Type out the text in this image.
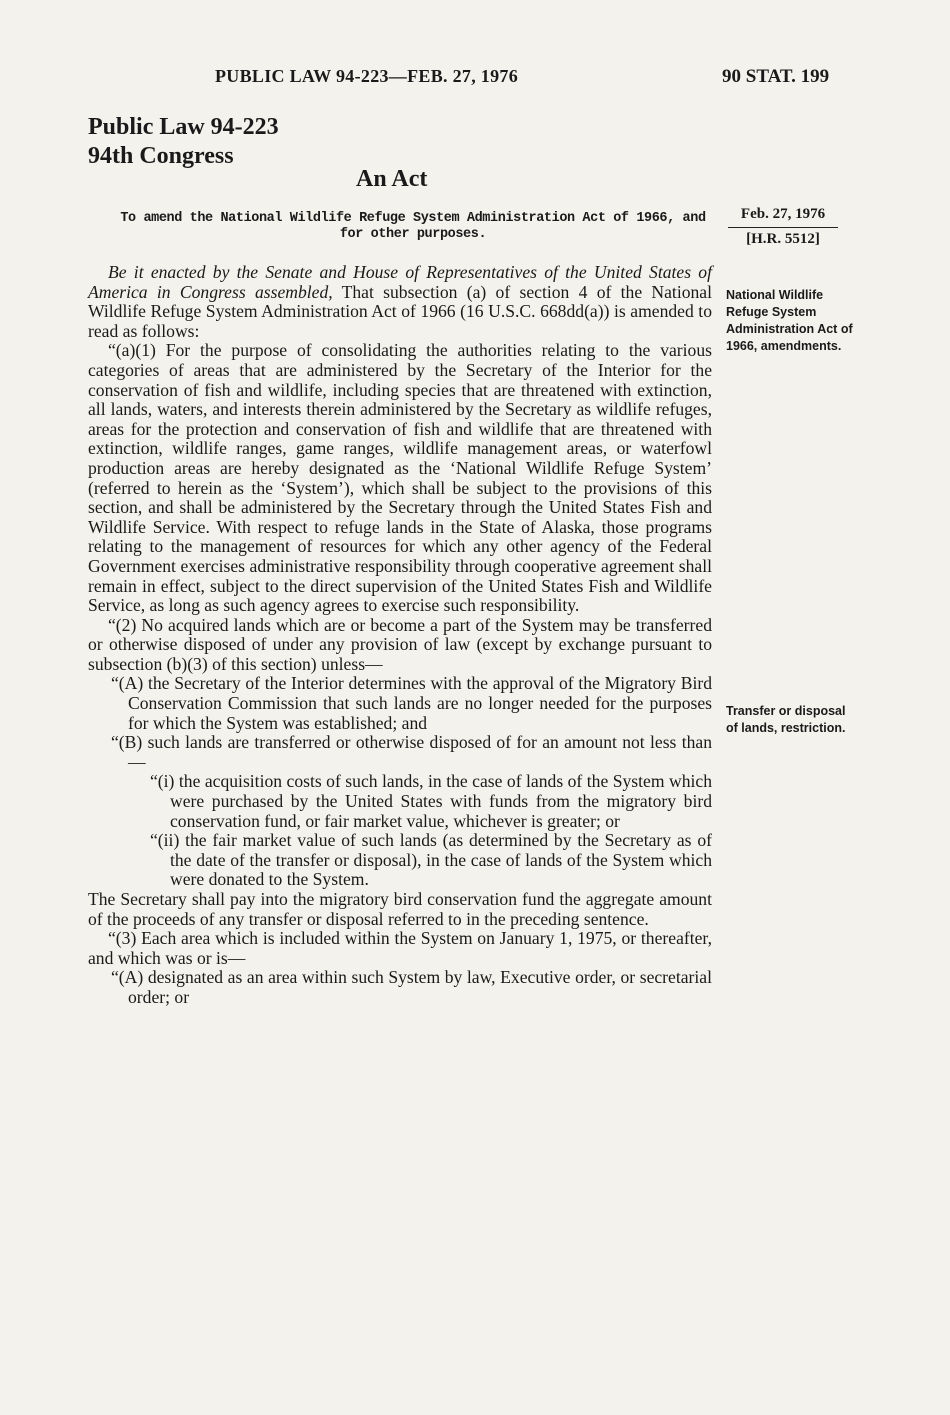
PUBLIC LAW 94-223—FEB. 27, 1976	90 STAT. 199
Public Law 94-223
94th Congress
An Act
To amend the National Wildlife Refuge System Administration Act of 1966, and for other purposes.
Feb. 27, 1976
[H.R. 5512]
National Wildlife Refuge System Administration Act of 1966, amendments.
Transfer or disposal of lands, restriction.

Be it enacted by the Senate and House of Representatives of the United States of America in Congress assembled, That subsection (a) of section 4 of the National Wildlife Refuge System Administration Act of 1966 (16 U.S.C. 668dd(a)) is amended to read as follows:

“(a)(1) For the purpose of consolidating the authorities relating to the various categories of areas that are administered by the Secretary of the Interior for the conservation of fish and wildlife, including species that are threatened with extinction, all lands, waters, and interests therein administered by the Secretary as wildlife refuges, areas for the protection and conservation of fish and wildlife that are threatened with extinction, wildlife ranges, game ranges, wildlife management areas, or waterfowl production areas are hereby designated as the ‘National Wildlife Refuge System’ (referred to herein as the ‘System’), which shall be subject to the provisions of this section, and shall be administered by the Secretary through the United States Fish and Wildlife Service. With respect to refuge lands in the State of Alaska, those programs relating to the management of resources for which any other agency of the Federal Government exercises administrative responsibility through cooperative agreement shall remain in effect, subject to the direct supervision of the United States Fish and Wildlife Service, as long as such agency agrees to exercise such responsibility.

“(2) No acquired lands which are or become a part of the System may be transferred or otherwise disposed of under any provision of law (except by exchange pursuant to subsection (b)(3) of this section) unless—

“(A) the Secretary of the Interior determines with the approval of the Migratory Bird Conservation Commission that such lands are no longer needed for the purposes for which the System was established; and

“(B) such lands are transferred or otherwise disposed of for an amount not less than—

“(i) the acquisition costs of such lands, in the case of lands of the System which were purchased by the United States with funds from the migratory bird conservation fund, or fair market value, whichever is greater; or

“(ii) the fair market value of such lands (as determined by the Secretary as of the date of the transfer or disposal), in the case of lands of the System which were donated to the System.

The Secretary shall pay into the migratory bird conservation fund the aggregate amount of the proceeds of any transfer or disposal referred to in the preceding sentence.

“(3) Each area which is included within the System on January 1, 1975, or thereafter, and which was or is—

“(A) designated as an area within such System by law, Executive order, or secretarial order; or
